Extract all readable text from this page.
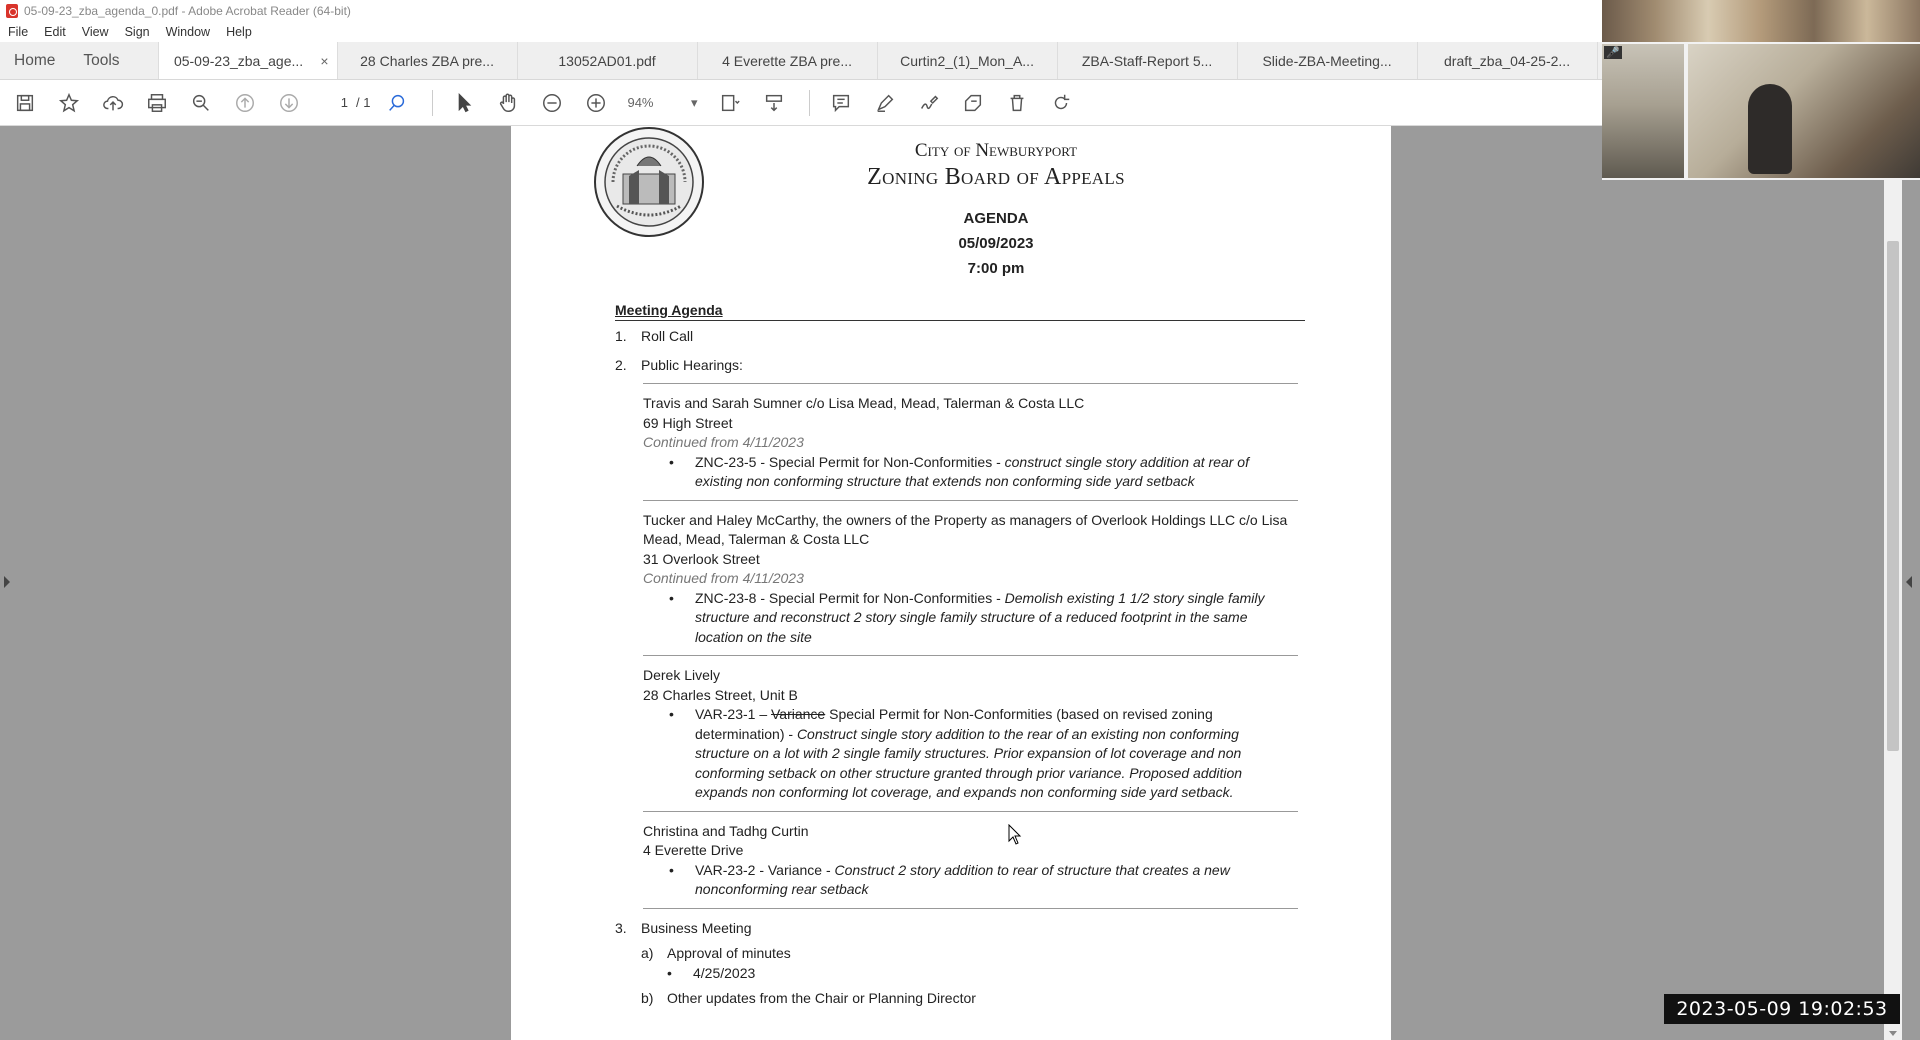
05-09-23_zba_agenda_0.pdf - Adobe Acrobat Reader (64-bit)
File Edit View Sign Window Help
Home	Tools	05-09-23_zba_age... ×	28 Charles ZBA pre...	13052AD01.pdf	4 Everette ZBA pre...	Curtin2_(1)_Mon_A...	ZBA-Staff-Report 5...	Slide-ZBA-Meeting...	draft_zba_04-25-2...
1 / 1	94%	▾
City of Newburyport
Zoning Board of Appeals
AGENDA
05/09/2023
7:00 pm
Meeting Agenda
1.	Roll Call
2.	Public Hearings:
Travis and Sarah Sumner c/o Lisa Mead, Mead, Talerman & Costa LLC
69 High Street
Continued from 4/11/2023
•	ZNC-23-5 - Special Permit for Non-Conformities - construct single story addition at rear of existing non conforming structure that extends non conforming side yard setback
Tucker and Haley McCarthy, the owners of the Property as managers of Overlook Holdings LLC c/o Lisa Mead, Mead, Talerman & Costa LLC
31 Overlook Street
Continued from 4/11/2023
•	ZNC-23-8 - Special Permit for Non-Conformities - Demolish existing 1 1/2 story single family structure and reconstruct 2 story single family structure of a reduced footprint in the same location on the site
Derek Lively
28 Charles Street, Unit B
•	VAR-23-1 – Variance Special Permit for Non-Conformities (based on revised zoning determination) - Construct single story addition to the rear of an existing non conforming structure on a lot with 2 single family structures. Prior expansion of lot coverage and non conforming setback on other structure granted through prior variance. Proposed addition expands non conforming lot coverage, and expands non conforming side yard setback.
Christina and Tadhg Curtin
4 Everette Drive
•	VAR-23-2 - Variance - Construct 2 story addition to rear of structure that creates a new nonconforming rear setback
3.	Business Meeting
a) Approval of minutes
•	4/25/2023
b) Other updates from the Chair or Planning Director
🎤
2023-05-09 19:02:53
